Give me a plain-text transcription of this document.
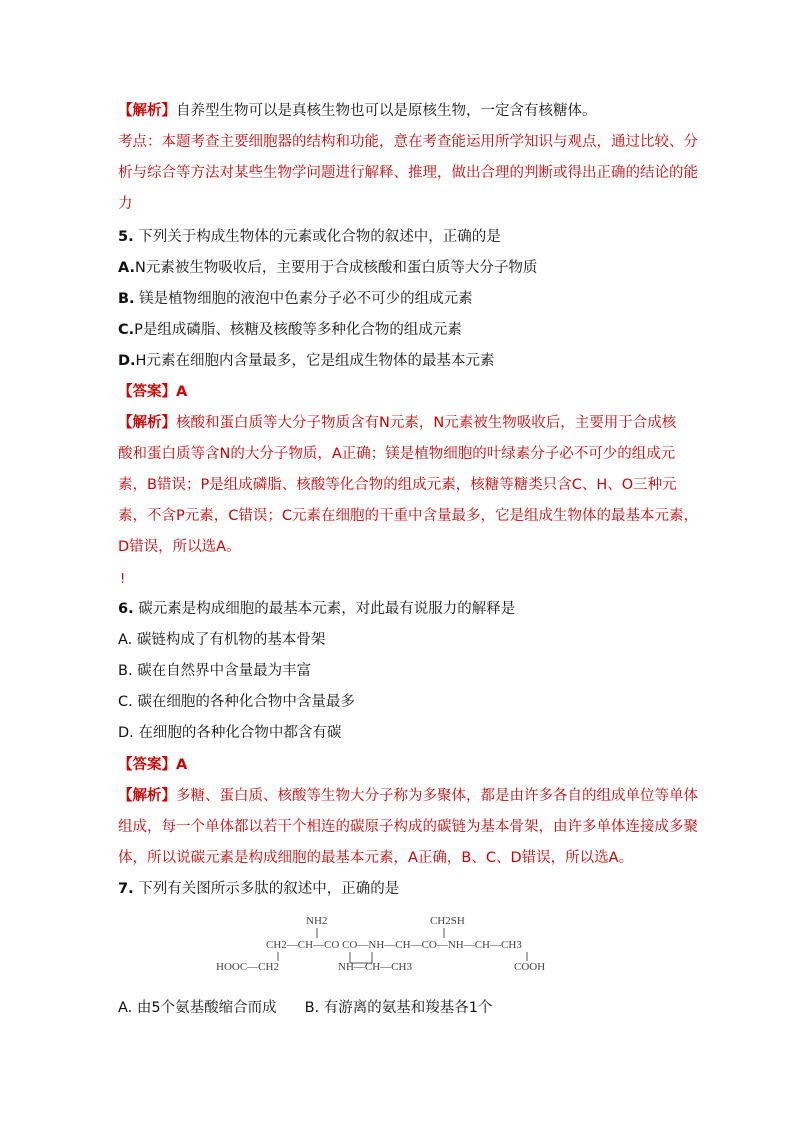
【解析】自养型生物可以是真核生物也可以是原核生物，一定含有核糖体。
考点：本题考查主要细胞器的结构和功能，意在考查能运用所学知识与观点，通过比较、分
析与综合等方法对某些生物学问题进行解释、推理，做出合理的判断或得出正确的结论的能
力
5. 下列关于构成生物体的元素或化合物的叙述中，正确的是
A.N元素被生物吸收后，主要用于合成核酸和蛋白质等大分子物质
B. 镁是植物细胞的液泡中色素分子必不可少的组成元素
C.P是组成磷脂、核糖及核酸等多种化合物的组成元素
D.H元素在细胞内含量最多，它是组成生物体的最基本元素
【答案】A
【解析】核酸和蛋白质等大分子物质含有N元素，N元素被生物吸收后，主要用于合成核
酸和蛋白质等含N的大分子物质，A正确；镁是植物细胞的叶绿素分子必不可少的组成元
素，B错误；P是组成磷脂、核酸等化合物的组成元素，核糖等糖类只含C、H、O三种元
素，不含P元素，C错误；C元素在细胞的干重中含量最多，它是组成生物体的最基本元素，
D错误，所以选A。
!
6. 碳元素是构成细胞的最基本元素，对此最有说服力的解释是
A. 碳链构成了有机物的基本骨架
B. 碳在自然界中含量最为丰富
C. 碳在细胞的各种化合物中含量最多
D. 在细胞的各种化合物中都含有碳
【答案】A
【解析】多糖、蛋白质、核酸等生物大分子称为多聚体，都是由许多各自的组成单位等单体
组成，每一个单体都以若干个相连的碳原子构成的碳链为基本骨架，由许多单体连接成多聚
体，所以说碳元素是构成细胞的最基本元素，A正确，B、C、D错误，所以选A。
7. 下列有关图所示多肽的叙述中，正确的是
NH2	CH2SH
CH2—CH—CO CO—NH—CH—CO—NH—CH—CH3
HOOC—CH2	NH—CH—CH3	COOH
A. 由5个氨基酸缩合而成 B. 有游离的氨基和羧基各1个
